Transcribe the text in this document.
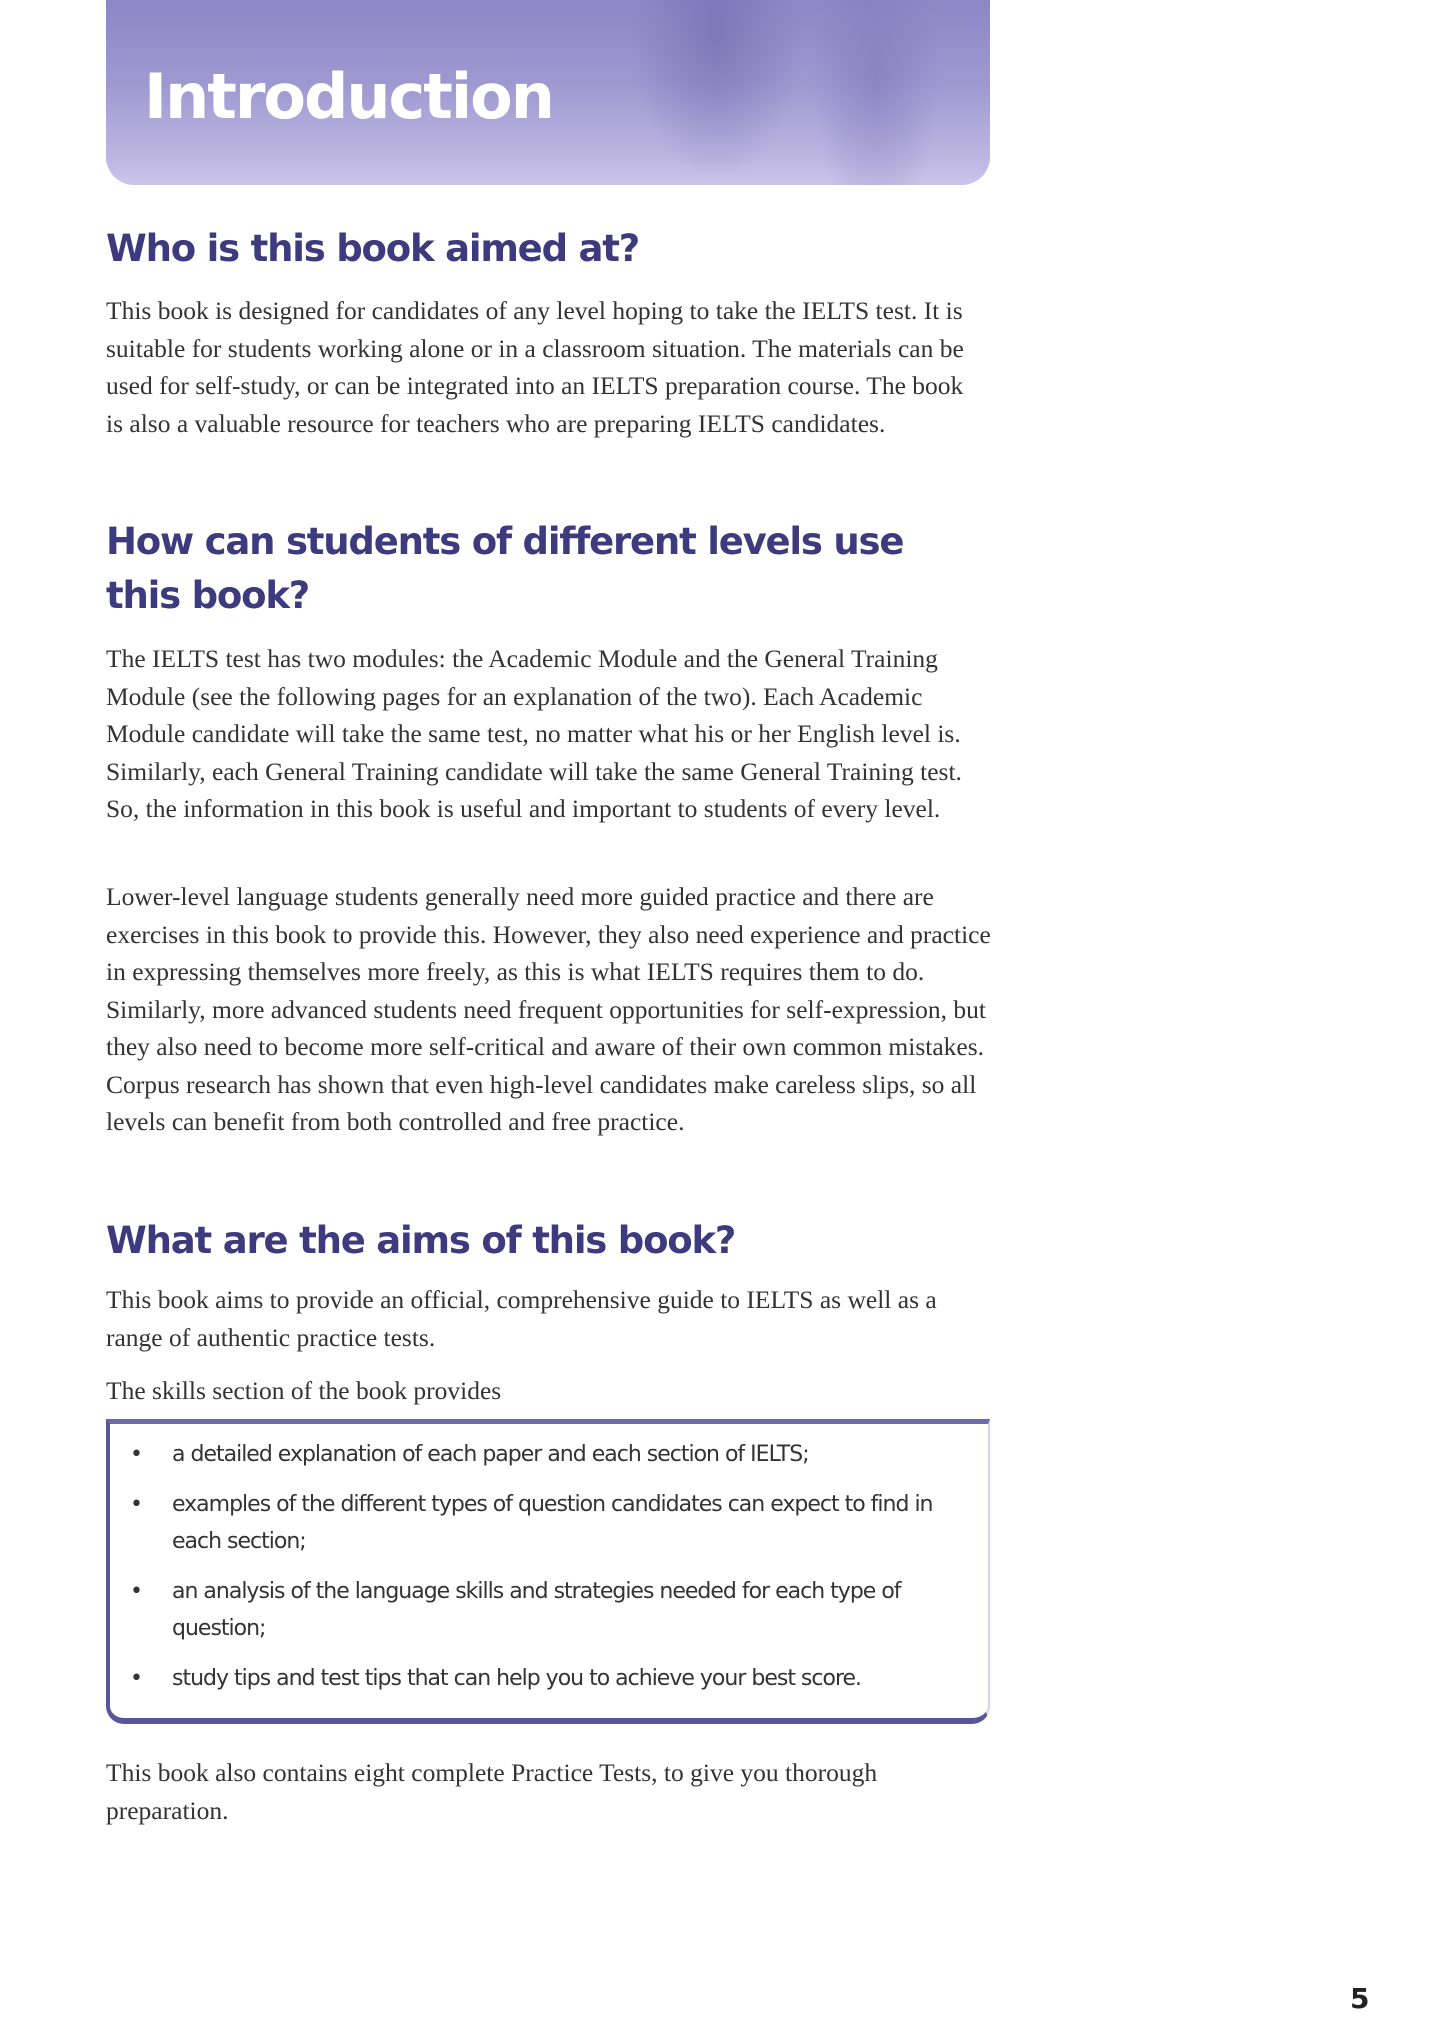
Introduction
Who is this book aimed at?

This book is designed for candidates of any level hoping to take the IELTS test. It is suitable for students working alone or in a classroom situation. The materials can be used for self-study, or can be integrated into an IELTS preparation course. The book is also a valuable resource for teachers who are preparing IELTS candidates.

How can students of different levels use
this book?

The IELTS test has two modules: the Academic Module and the General Training Module (see the following pages for an explanation of the two). Each Academic Module candidate will take the same test, no matter what his or her English level is. Similarly, each General Training candidate will take the same General Training test. So, the information in this book is useful and important to students of every level.

Lower-level language students generally need more guided practice and there are exercises in this book to provide this. However, they also need experience and practice in expressing themselves more freely, as this is what IELTS requires them to do. Similarly, more advanced students need frequent opportunities for self-expression, but they also need to become more self-critical and aware of their own common mistakes. Corpus research has shown that even high-level candidates make careless slips, so all levels can benefit from both controlled and free practice.

What are the aims of this book?

This book aims to provide an official, comprehensive guide to IELTS as well as a range of authentic practice tests.

The skills section of the book provides

• a detailed explanation of each paper and each section of IELTS;
• examples of the different types of question candidates can expect to find in each section;
• an analysis of the language skills and strategies needed for each type of question;
• study tips and test tips that can help you to achieve your best score.

This book also contains eight complete Practice Tests, to give you thorough preparation.

5
